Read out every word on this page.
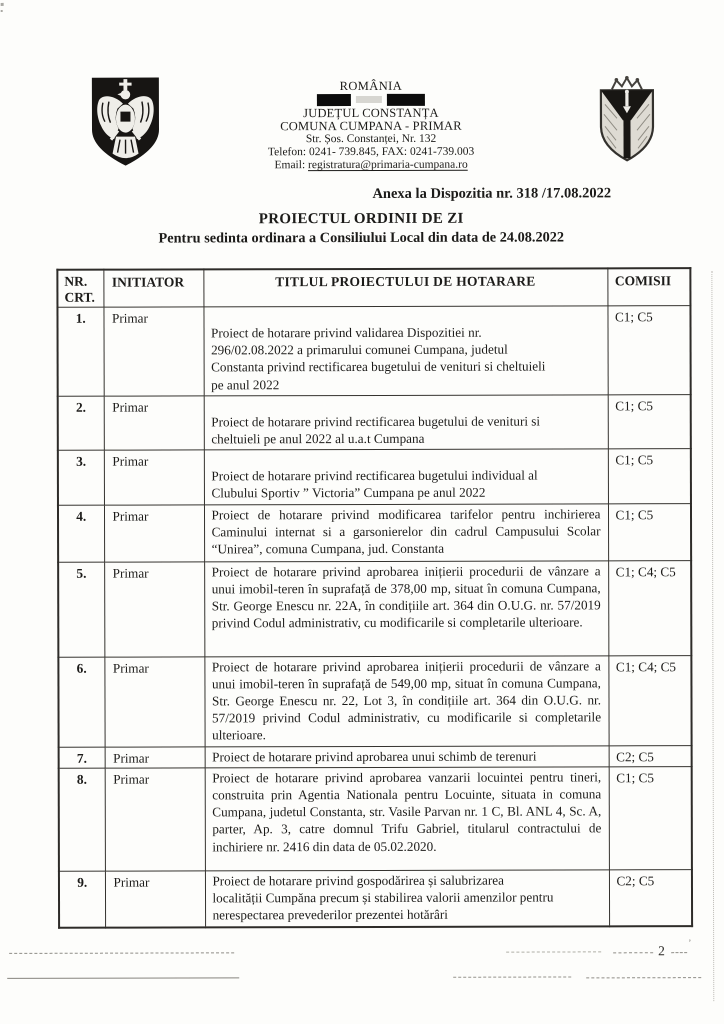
ROMÂNIA
JUDEȚUL CONSTANȚA
COMUNA CUMPANA - PRIMAR
Str. Șos. Constanței, Nr. 132
Telefon: 0241- 739.845, FAX: 0241-739.003
Email: registratura@primaria-cumpana.ro
Anexa la Dispozitia nr. 318 /17.08.2022
PROIECTUL ORDINII DE ZI
Pentru sedinta ordinara a Consiliului Local din data de 24.08.2022
NR. CRT.	INITIATOR	TITLUL PROIECTULUI DE HOTARARE	COMISII
1.	Primar	Proiect de hotarare privind validarea Dispozitiei nr.
296/02.08.2022 a primarului comunei Cumpana, judetul
Constanta privind rectificarea bugetului de venituri si cheltuieli
pe anul 2022	C1; C5
2.	Primar	Proiect de hotarare privind rectificarea bugetului de venituri si
cheltuieli pe anul 2022 al u.a.t Cumpana	C1; C5
3.	Primar	Proiect de hotarare privind rectificarea bugetului individual al
Clubului Sportiv ” Victoria” Cumpana pe anul 2022	C1; C5
4.	Primar	Proiect de hotarare privind modificarea tarifelor pentru inchirierea Caminului internat si a garsonierelor din cadrul Campusului Scolar “Unirea”, comuna Cumpana, jud. Constanta	C1; C5
5.	Primar	Proiect de hotarare privind aprobarea inițierii procedurii de vânzare a unui imobil-teren în suprafață de 378,00 mp, situat în comuna Cumpana, Str. George Enescu nr. 22A, în condițiile art. 364 din O.U.G. nr. 57/2019 privind Codul administrativ, cu modificarile si completarile ulterioare.	C1; C4; C5
6.	Primar	Proiect de hotarare privind aprobarea inițierii procedurii de vânzare a unui imobil-teren în suprafață de 549,00 mp, situat în comuna Cumpana, Str. George Enescu nr. 22, Lot 3, în condițiile art. 364 din O.U.G. nr. 57/2019 privind Codul administrativ, cu modificarile si completarile ulterioare.	C1; C4; C5
7.	Primar	Proiect de hotarare privind aprobarea unui schimb de terenuri	C2; C5
8.	Primar	Proiect de hotarare privind aprobarea vanzarii locuintei pentru tineri, construita prin Agentia Nationala pentru Locuinte, situata in comuna Cumpana, judetul Constanta, str. Vasile Parvan nr. 1 C, Bl. ANL 4, Sc. A, parter, Ap. 3, catre domnul Trifu Gabriel, titularul contractului de inchiriere nr. 2416 din data de 05.02.2020.	C1; C5
9.	Primar	Proiect de hotarare privind gospodărirea și salubrizarea
localității Cumpăna precum și stabilirea valorii amenzilor pentru
nerespectarea prevederilor prezentei hotărâri	C2; C5
2 ’
